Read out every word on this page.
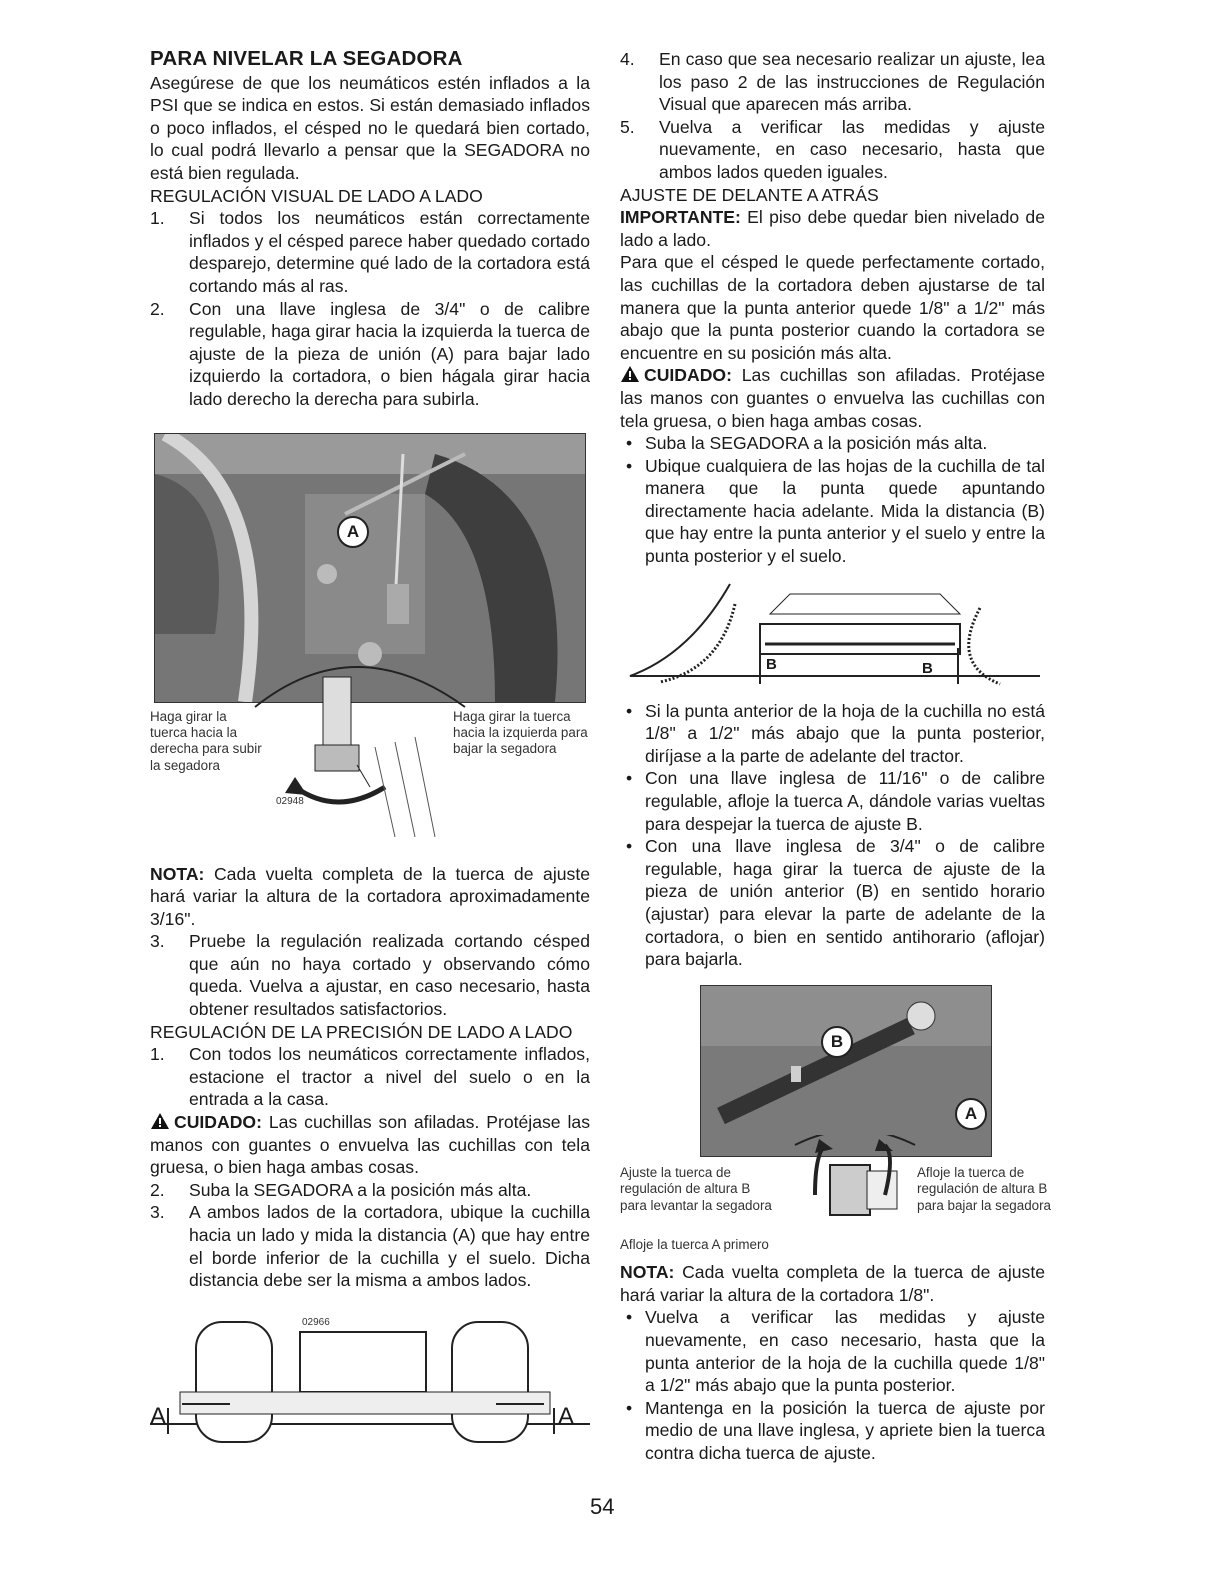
PARA NIVELAR LA SEGADORA

Asegúrese de que los neumáticos estén inflados a la PSI que se indica en estos. Si están demasiado inflados o poco inflados, el césped no le quedará bien cortado, lo cual podrá llevarlo a pensar que la SEGADORA no está bien regulada.

REGULACIÓN VISUAL DE LADO A LADO

1. Si todos los neumáticos están correctamente inflados y el césped parece haber quedado cortado desparejo, determine qué lado de la cortadora está cortando más al ras.
2. Con una llave inglesa de 3/4" o de calibre regulable, haga girar hacia la izquierda la tuerca de ajuste de la pieza de unión (A) para bajar lado izquierdo la cortadora, o bien hágala girar hacia lado derecho la derecha para subirla.
A
Haga girar la tuerca hacia la derecha para subir la segadora
Haga girar la tuerca hacia la izquierda para bajar la segadora
02948

NOTA: Cada vuelta completa de la tuerca de ajuste hará variar la altura de la cortadora aproximadamente 3/16".

3. Pruebe la regulación realizada cortando césped que aún no haya cortado y observando cómo queda. Vuelva a ajustar, en caso necesario, hasta obtener resultados satisfactorios.

REGULACIÓN DE LA PRECISIÓN DE LADO A LADO

1. Con todos los neumáticos correctamente inflados, estacione el tractor a nivel del suelo o en la entrada a la casa.

CUIDADO: Las cuchillas son afiladas. Protéjase las manos con guantes o envuelva las cuchillas con tela gruesa, o bien haga ambas cosas.

2. Suba la SEGADORA a la posición más alta.
3. A ambos lados de la cortadora, ubique la cuchilla hacia un lado y mida la distancia (A) que hay entre el borde inferior de la cuchilla y el suelo. Dicha distancia debe ser la misma a ambos lados.
02966
A	A
4. En caso que sea necesario realizar un ajuste, lea los paso 2 de las instrucciones de Regulación Visual que aparecen más arriba.
5. Vuelva a verificar las medidas y ajuste nuevamente, en caso necesario, hasta que ambos lados queden iguales.

AJUSTE DE DELANTE A ATRÁS

IMPORTANTE: El piso debe quedar bien nivelado de lado a lado.

Para que el césped le quede perfectamente cortado, las cuchillas de la cortadora deben ajustarse de tal manera que la punta anterior quede 1/8" a 1/2" más abajo que la punta posterior cuando la cortadora se encuentre en su posición más alta.

CUIDADO: Las cuchillas son afiladas. Protéjase las manos con guantes o envuelva las cuchillas con tela gruesa, o bien haga ambas cosas.

• Suba la SEGADORA a la posición más alta.
• Ubique cualquiera de las hojas de la cuchilla de tal manera que la punta quede apuntando directamente hacia adelante. Mida la distancia (B) que hay entre la punta anterior y el suelo y entre la punta posterior y el suelo.
B	B
• Si la punta anterior de la hoja de la cuchilla no está 1/8" a 1/2" más abajo que la punta posterior, diríjase a la parte de adelante del tractor.
• Con una llave inglesa de 11/16" o de calibre regulable, afloje la tuerca A, dándole varias vueltas para despejar la tuerca de ajuste B.
• Con una llave inglesa de 3/4" o de calibre regulable, haga girar la tuerca de ajuste de la pieza de unión anterior (B) en sentido horario (ajustar) para elevar la parte de adelante de la cortadora, o bien en sentido antihorario (aflojar) para bajarla.
B
A
Ajuste la tuerca de regulación de altura B para levantar la segadora
Afloje la tuerca de regulación de altura B para bajar la segadora
Afloje la tuerca A primero

NOTA: Cada vuelta completa de la tuerca de ajuste hará variar la altura de la cortadora 1/8".

• Vuelva a verificar las medidas y ajuste nuevamente, en caso necesario, hasta que la punta anterior de la hoja de la cuchilla quede 1/8" a 1/2" más abajo que la punta posterior.
• Mantenga en la posición la tuerca de ajuste por medio de una llave inglesa, y apriete bien la tuerca contra dicha tuerca de ajuste.
54
